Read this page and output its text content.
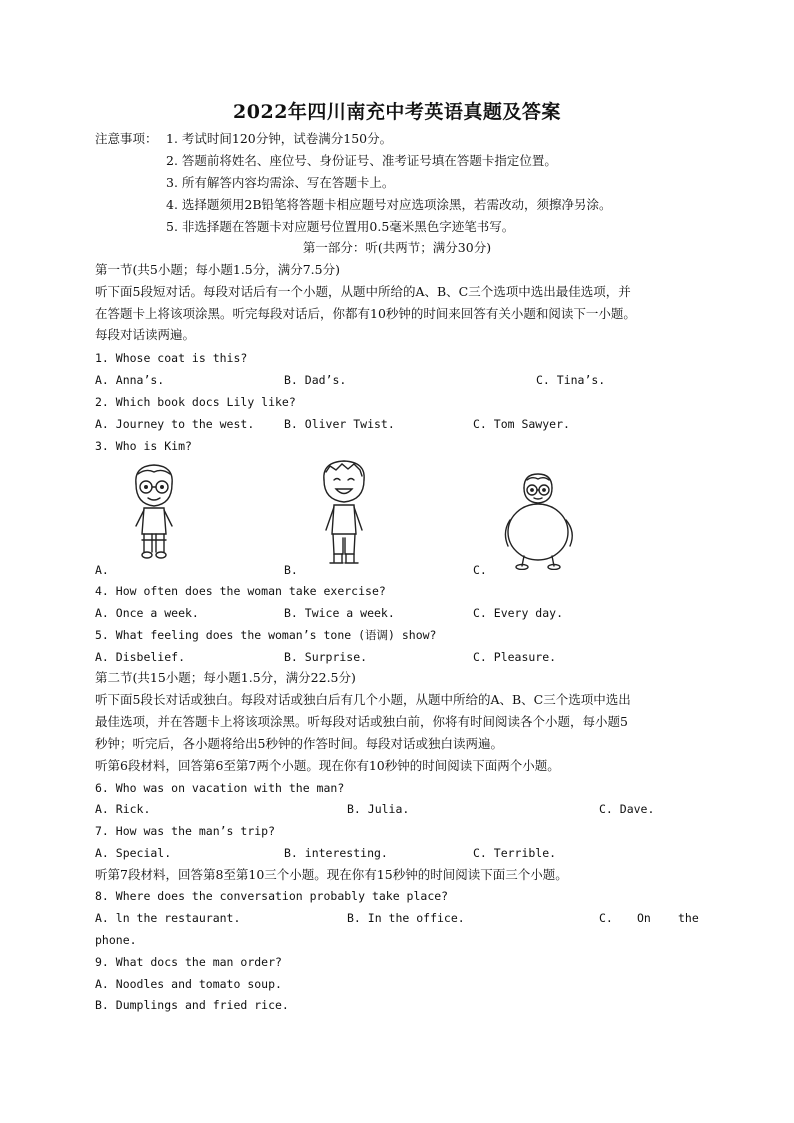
2022年四川南充中考英语真题及答案
注意事项： 1. 考试时间120分钟，试卷满分150分。
2. 答题前将姓名、座位号、身份证号、准考证号填在答题卡指定位置。
3. 所有解答内容均需涂、写在答题卡上。
4. 选择题须用2B铅笔将答题卡相应题号对应选项涂黑，若需改动，须擦净另涂。
5. 非选择题在答题卡对应题号位置用0.5毫米黑色字迹笔书写。
第一部分：听(共两节；满分30分)
第一节(共5小题；每小题1.5分，满分7.5分)
听下面5段短对话。每段对话后有一个小题，从题中所给的A、B、C三个选项中选出最佳选项，并
在答题卡上将该项涂黑。听完每段对话后，你都有10秒钟的时间来回答有关小题和阅读下一小题。
每段对话读两遍。
1. Whose coat is this?
A. Anna’s.	B. Dad’s.	C. Tina’s.
2. Which book docs Lily like?
A. Journey to the west.	B. Oliver Twist.	C. Tom Sawyer.
3. Who is Kim?
A.	B.	C.
4. How often does the woman take exercise?
A. Once a week.	B. Twice a week.	C. Every day.
5. What feeling does the woman’s tone (语调) show?
A. Disbelief.	B. Surprise.	C. Pleasure.
第二节(共15小题；每小题1.5分，满分22.5分)
听下面5段长对话或独白。每段对话或独白后有几个小题，从题中所给的A、B、C三个选项中选出
最佳选项，并在答题卡上将该项涂黑。听每段对话或独白前，你将有时间阅读各个小题，每小题5
秒钟；听完后，各小题将给出5秒钟的作答时间。每段对话或独白读两遍。
听第6段材料，回答第6至第7两个小题。现在你有10秒钟的时间阅读下面两个小题。
6. Who was on vacation with the man?
A. Rick.	B. Julia.	C. Dave.
7. How was the man’s trip?
A. Special.	B. interesting.	C. Terrible.
听第7段材料，回答第8至第10三个小题。现在你有15秒钟的时间阅读下面三个小题。
8. Where does the conversation probably take place?
A. ln the restaurant.	B. In the office.	C. On the
phone.
9. What docs the man order?
A. Noodles and tomato soup.
B. Dumplings and fried rice.
